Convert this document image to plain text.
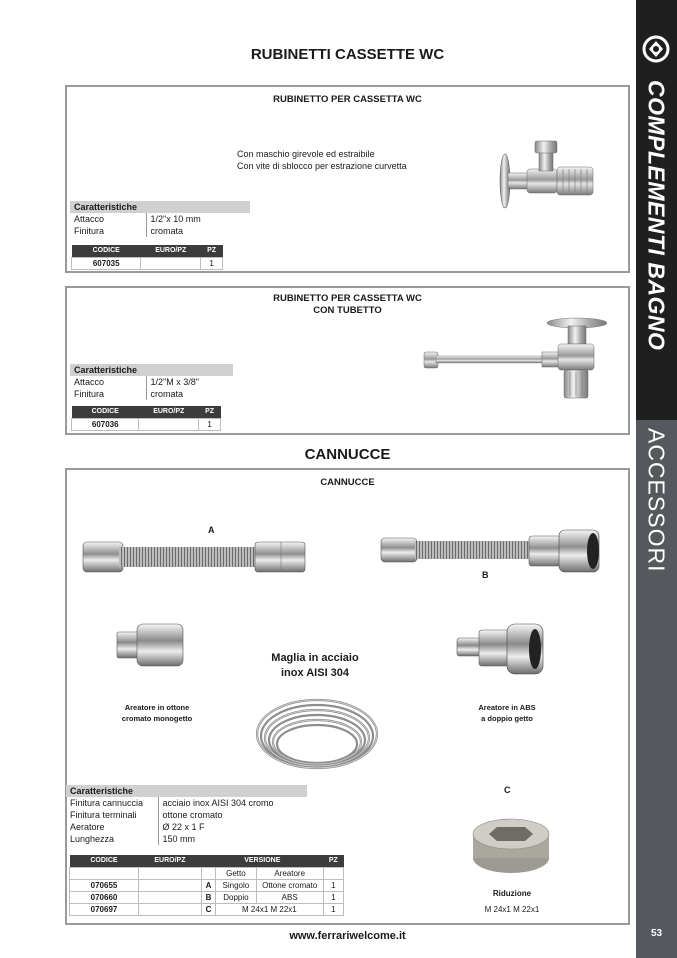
COMPLEMENTI BAGNO
ACCESSORI
53
RUBINETTI CASSETTE WC
RUBINETTO PER CASSETTA WC
Con maschio girevole ed estraibile
Con vite di sblocco per estrazione curvetta
Caratteristiche	
Attacco	1/2"x 10 mm
Finitura	cromata
CODICE	EURO/PZ	PZ
607035		1
RUBINETTO PER CASSETTA WC
CON TUBETTO
Caratteristiche	
Attacco	1/2"M x 3/8"
Finitura	cromata
CODICE	EURO/PZ	PZ
607036		1
CANNUCCE
CANNUCCE
A
B
C
Areatore in ottone
cromato monogetto
Maglia in acciaio
inox AISI 304
Areatore in ABS
a doppio getto
Riduzione
M 24x1 M 22x1
Caratteristiche	
Finitura cannuccia	acciaio inox AISI 304 cromo
Finitura terminali	ottone cromato
Aeratore	Ø 22 x 1 F
Lunghezza	150 mm
CODICE	EURO/PZ	VERSIONE			PZ
			Getto	Areatore	
070655		A	Singolo	Ottone cromato	1
070660		B	Doppio	ABS	1
070697		C	M 24x1 M 22x1		1
www.ferrariwelcome.it
